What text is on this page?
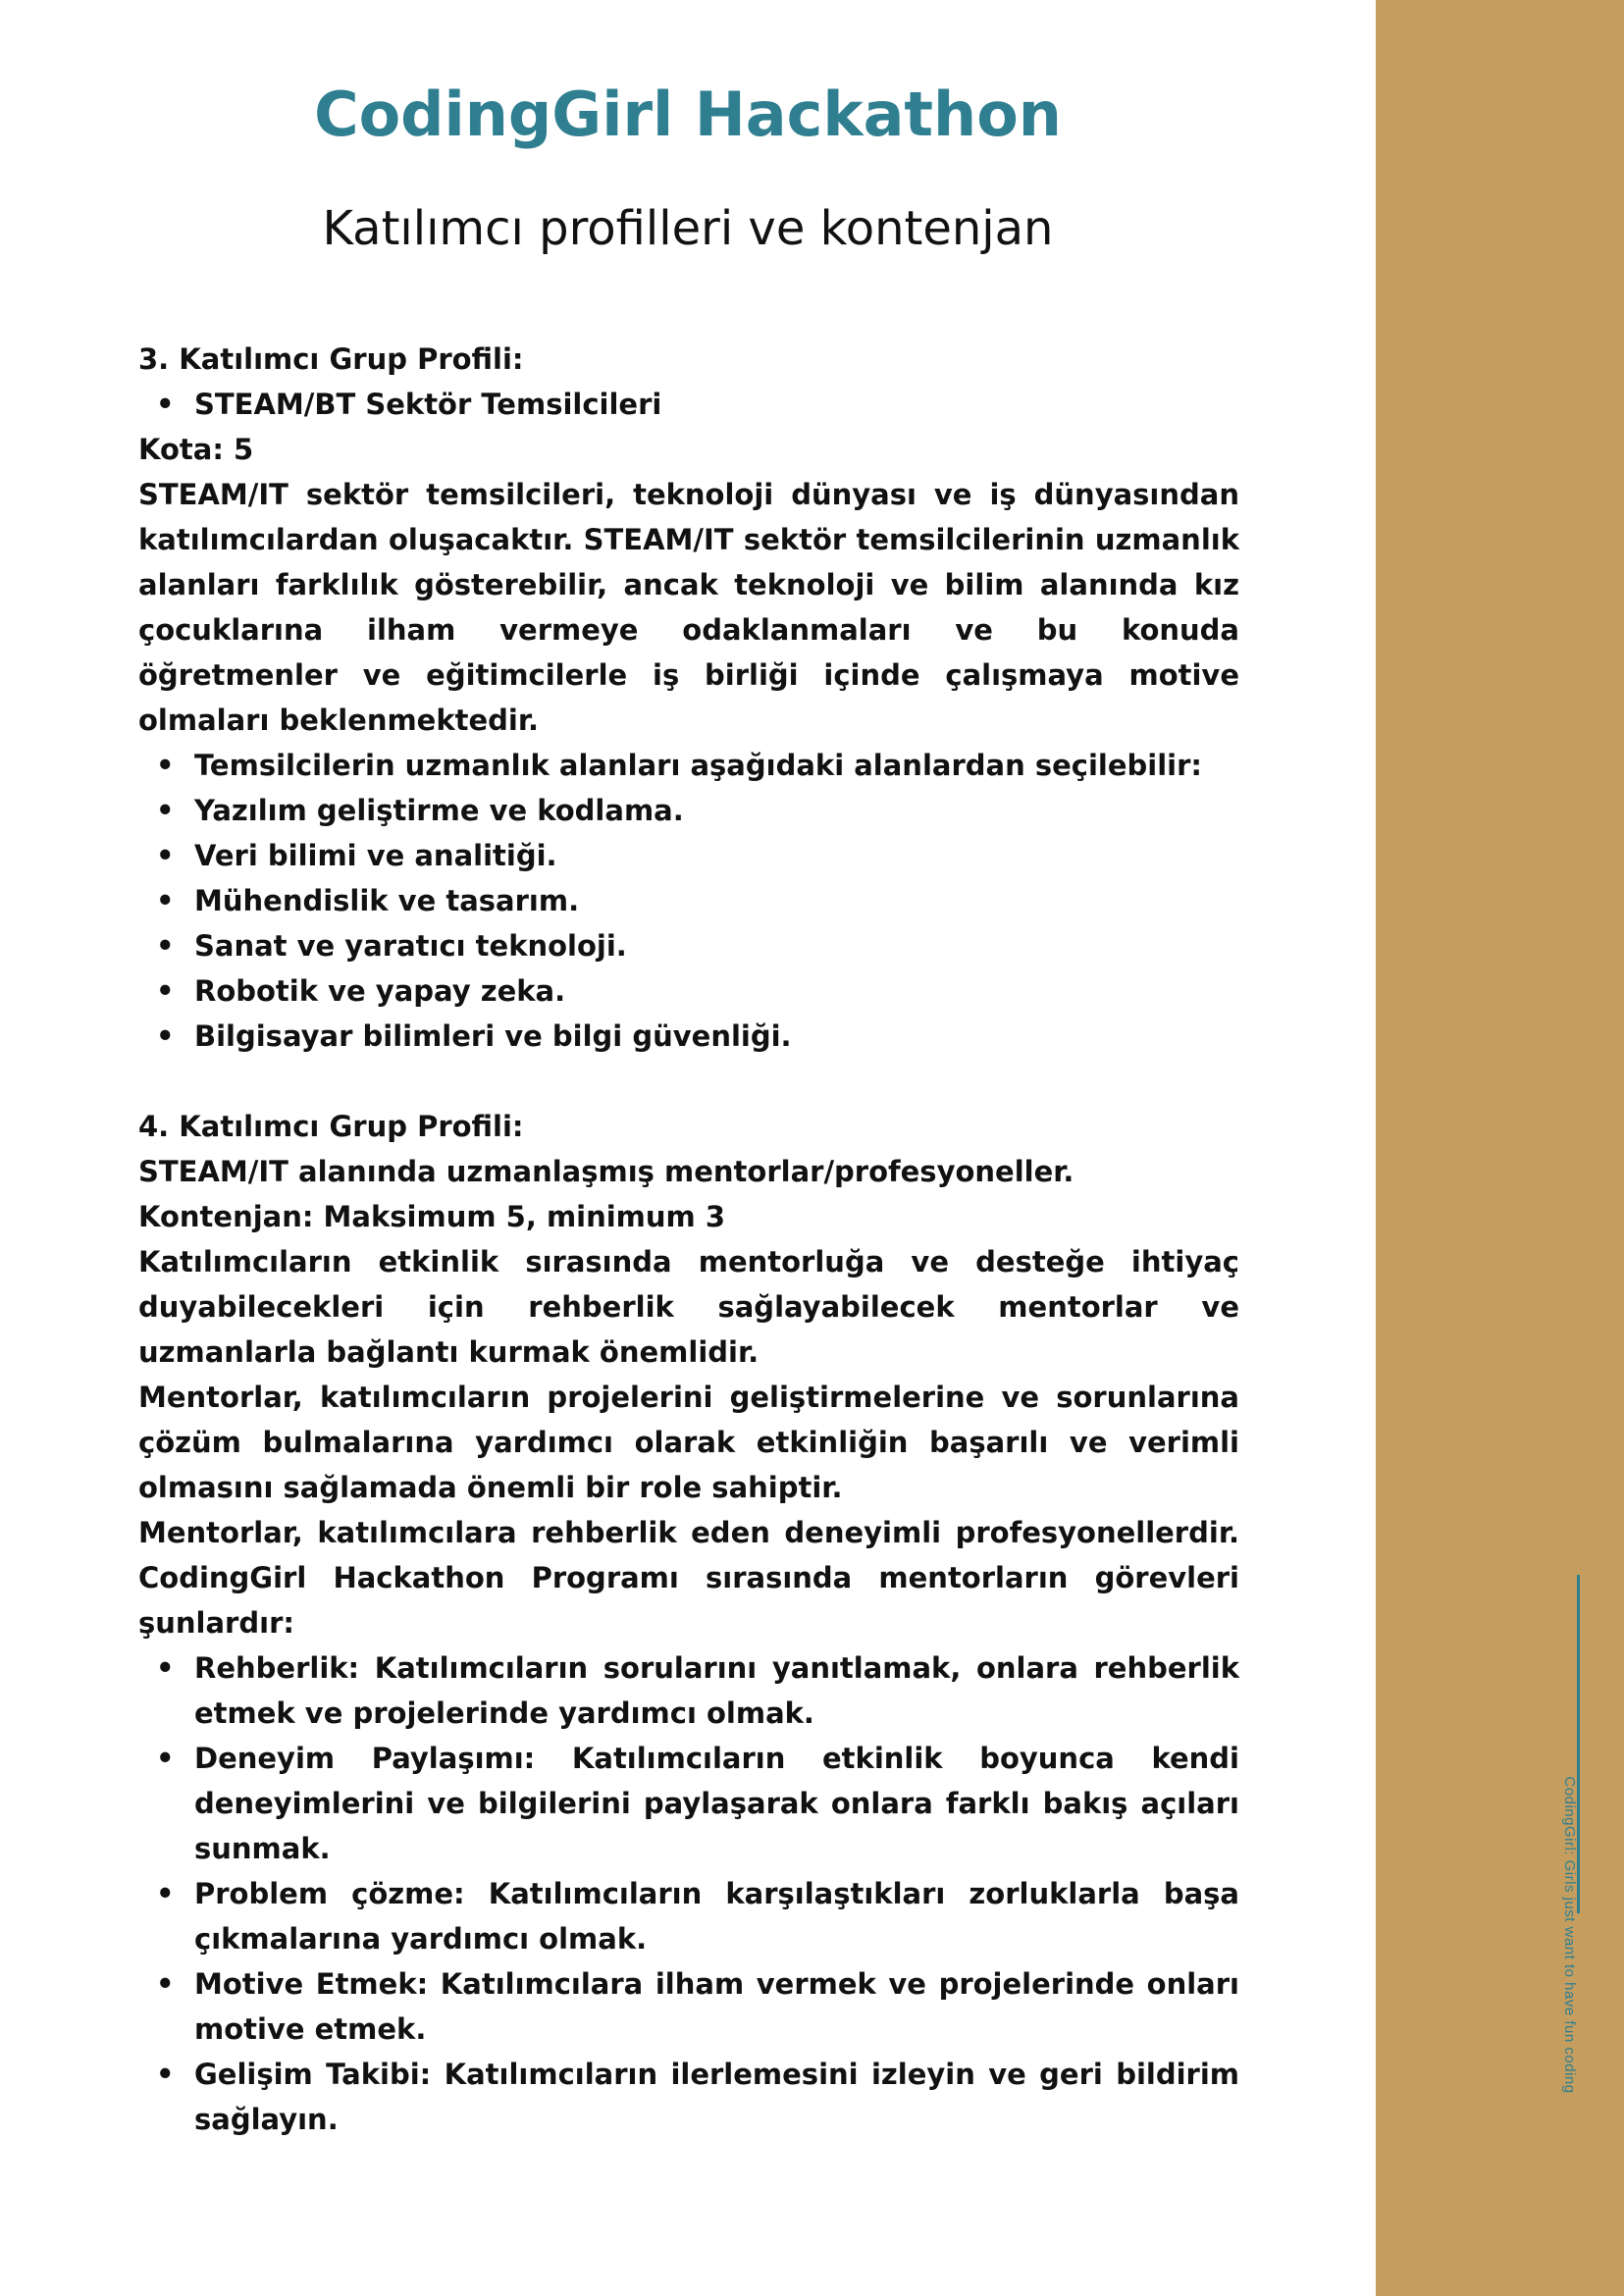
CodingGirl: Girls just want to have fun coding
CodingGirl Hackathon
Katılımcı profilleri ve kontenjan

3. Katılımcı Grup Profili:

• STEAM/BT Sektör Temsilcileri

Kota: 5

STEAM/IT sektör temsilcileri, teknoloji dünyası ve iş dünyasından katılımcılardan oluşacaktır. STEAM/IT sektör temsilcilerinin uzmanlık alanları farklılık gösterebilir, ancak teknoloji ve bilim alanında kız çocuklarına ilham vermeye odaklanmaları ve bu konuda öğretmenler ve eğitimcilerle iş birliği içinde çalışmaya motive olmaları beklenmektedir.

• Temsilcilerin uzmanlık alanları aşağıdaki alanlardan seçilebilir:
• Yazılım geliştirme ve kodlama.
• Veri bilimi ve analitiği.
• Mühendislik ve tasarım.
• Sanat ve yaratıcı teknoloji.
• Robotik ve yapay zeka.
• Bilgisayar bilimleri ve bilgi güvenliği.

4. Katılımcı Grup Profili:

STEAM/IT alanında uzmanlaşmış mentorlar/profesyoneller.

Kontenjan: Maksimum 5, minimum 3

Katılımcıların etkinlik sırasında mentorluğa ve desteğe ihtiyaç duyabilecekleri için rehberlik sağlayabilecek mentorlar ve uzmanlarla bağlantı kurmak önemlidir.

Mentorlar, katılımcıların projelerini geliştirmelerine ve sorunlarına çözüm bulmalarına yardımcı olarak etkinliğin başarılı ve verimli olmasını sağlamada önemli bir role sahiptir.

Mentorlar, katılımcılara rehberlik eden deneyimli profesyonellerdir. CodingGirl Hackathon Programı sırasında mentorların görevleri şunlardır:

• Rehberlik: Katılımcıların sorularını yanıtlamak, onlara rehberlik etmek ve projelerinde yardımcı olmak.
• Deneyim Paylaşımı: Katılımcıların etkinlik boyunca kendi deneyimlerini ve bilgilerini paylaşarak onlara farklı bakış açıları sunmak.
• Problem çözme: Katılımcıların karşılaştıkları zorluklarla başa çıkmalarına yardımcı olmak.
• Motive Etmek: Katılımcılara ilham vermek ve projelerinde onları motive etmek.
• Gelişim Takibi: Katılımcıların ilerlemesini izleyin ve geri bildirim sağlayın.
